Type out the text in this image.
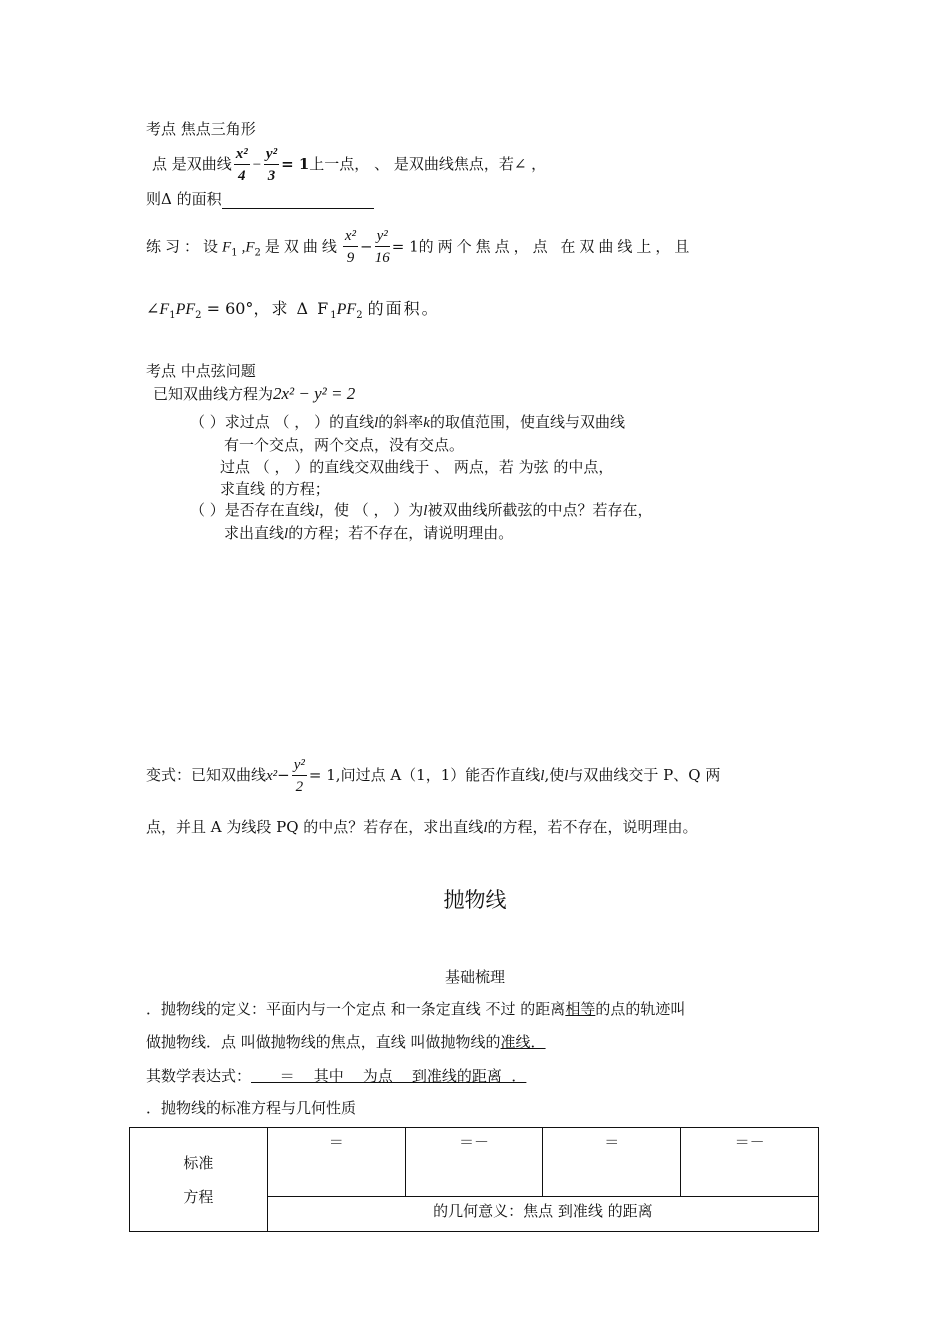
考点 焦点三角形
点 是双曲线 $\frac{\text{x²}}{4} - \frac{\text{y²}}{3} = 1$上一点， 、 是双曲线焦点，若∠ ，
则Δ 的面积
练习：设$F_1,F_2$是双曲线 $\frac{\text{x²}}{9} - \frac{\text{y²}}{16} = 1$的两个焦点，点 在双曲线上，且
$\angle F_1PF_2 = 60^\circ$，求 Δ $F_1PF_2$ 的面积。
考点 中点弦问题
已知双曲线方程为2x² − y² = 2
（ ）求过点 （ ， ）的直线l的斜率k的取值范围，使直线与双曲线
有一个交点，两个交点，没有交点。
过点 （ ， ）的直线交双曲线于 、 两点，若 为弦 的中点，
求直线 的方程；
（ ）是否存在直线l，使 （ ， ）为l被双曲线所截弦的中点？若存在，
求出直线l的方程；若不存在，请说明理由。
变式：已知双曲线$x^2- \frac{\text{y²}}{2} = 1$,问过点 A（1，1）能否作直线l,使l与双曲线交于 P、Q 两
点，并且 A 为线段 PQ 的中点？若存在，求出直线l的方程，若不存在，说明理由。
抛物线
基础梳理
．抛物线的定义：平面内与一个定点 和一条定直线 不过 的距离相等的点的轨迹叫
做抛物线．点 叫做抛物线的焦点，直线 叫做抛物线的准线．
其数学表达式：      ＝    其中    为点    到准线的距离  ．
．抛物线的标准方程与几何性质
标准
方程
	＝	＝－	＝	＝－
的几何意义：焦点 到准线 的距离
